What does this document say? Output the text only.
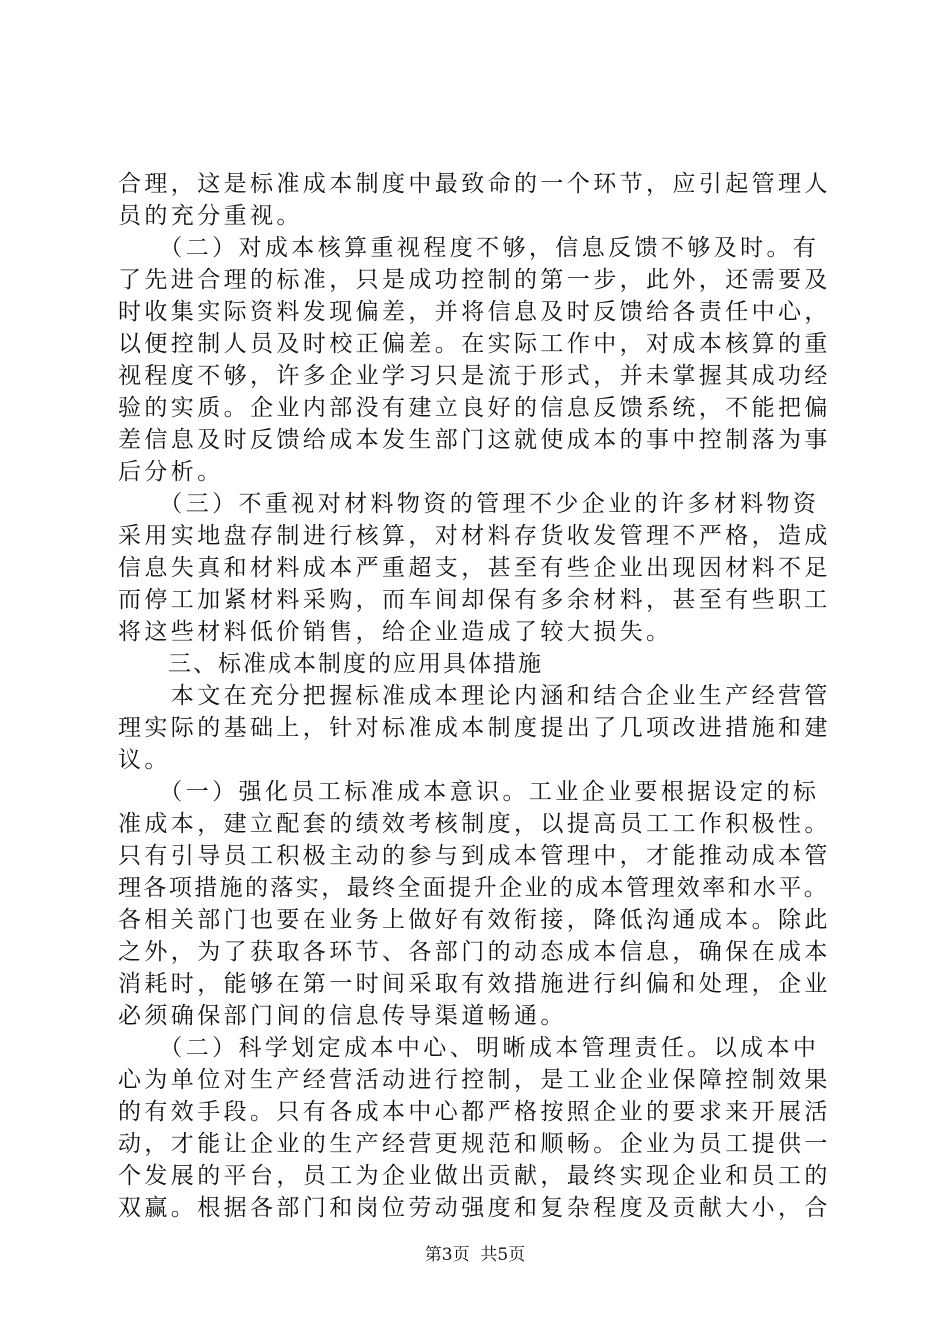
合理，这是标准成本制度中最致命的一个环节，应引起管理人
员的充分重视。
　　（二）对成本核算重视程度不够，信息反馈不够及时。有
了先进合理的标准，只是成功控制的第一步，此外，还需要及
时收集实际资料发现偏差，并将信息及时反馈给各责任中心，
以便控制人员及时校正偏差。在实际工作中，对成本核算的重
视程度不够，许多企业学习只是流于形式，并未掌握其成功经
验的实质。企业内部没有建立良好的信息反馈系统，不能把偏
差信息及时反馈给成本发生部门这就使成本的事中控制落为事
后分析。
　　（三）不重视对材料物资的管理不少企业的许多材料物资
采用实地盘存制进行核算，对材料存货收发管理不严格，造成
信息失真和材料成本严重超支，甚至有些企业出现因材料不足
而停工加紧材料采购，而车间却保有多余材料，甚至有些职工
将这些材料低价销售，给企业造成了较大损失。
　　三、标准成本制度的应用具体措施
　　本文在充分把握标准成本理论内涵和结合企业生产经营管
理实际的基础上，针对标准成本制度提出了几项改进措施和建
议。
　　（一）强化员工标准成本意识。工业企业要根据设定的标
准成本，建立配套的绩效考核制度，以提高员工工作积极性。
只有引导员工积极主动的参与到成本管理中，才能推动成本管
理各项措施的落实，最终全面提升企业的成本管理效率和水平。
各相关部门也要在业务上做好有效衔接，降低沟通成本。除此
之外，为了获取各环节、各部门的动态成本信息，确保在成本
消耗时，能够在第一时间采取有效措施进行纠偏和处理，企业
必须确保部门间的信息传导渠道畅通。
　　（二）科学划定成本中心、明晰成本管理责任。以成本中
心为单位对生产经营活动进行控制，是工业企业保障控制效果
的有效手段。只有各成本中心都严格按照企业的要求来开展活
动，才能让企业的生产经营更规范和顺畅。企业为员工提供一
个发展的平台，员工为企业做出贡献，最终实现企业和员工的
双赢。根据各部门和岗位劳动强度和复杂程度及贡献大小，合
第3页  共5页
